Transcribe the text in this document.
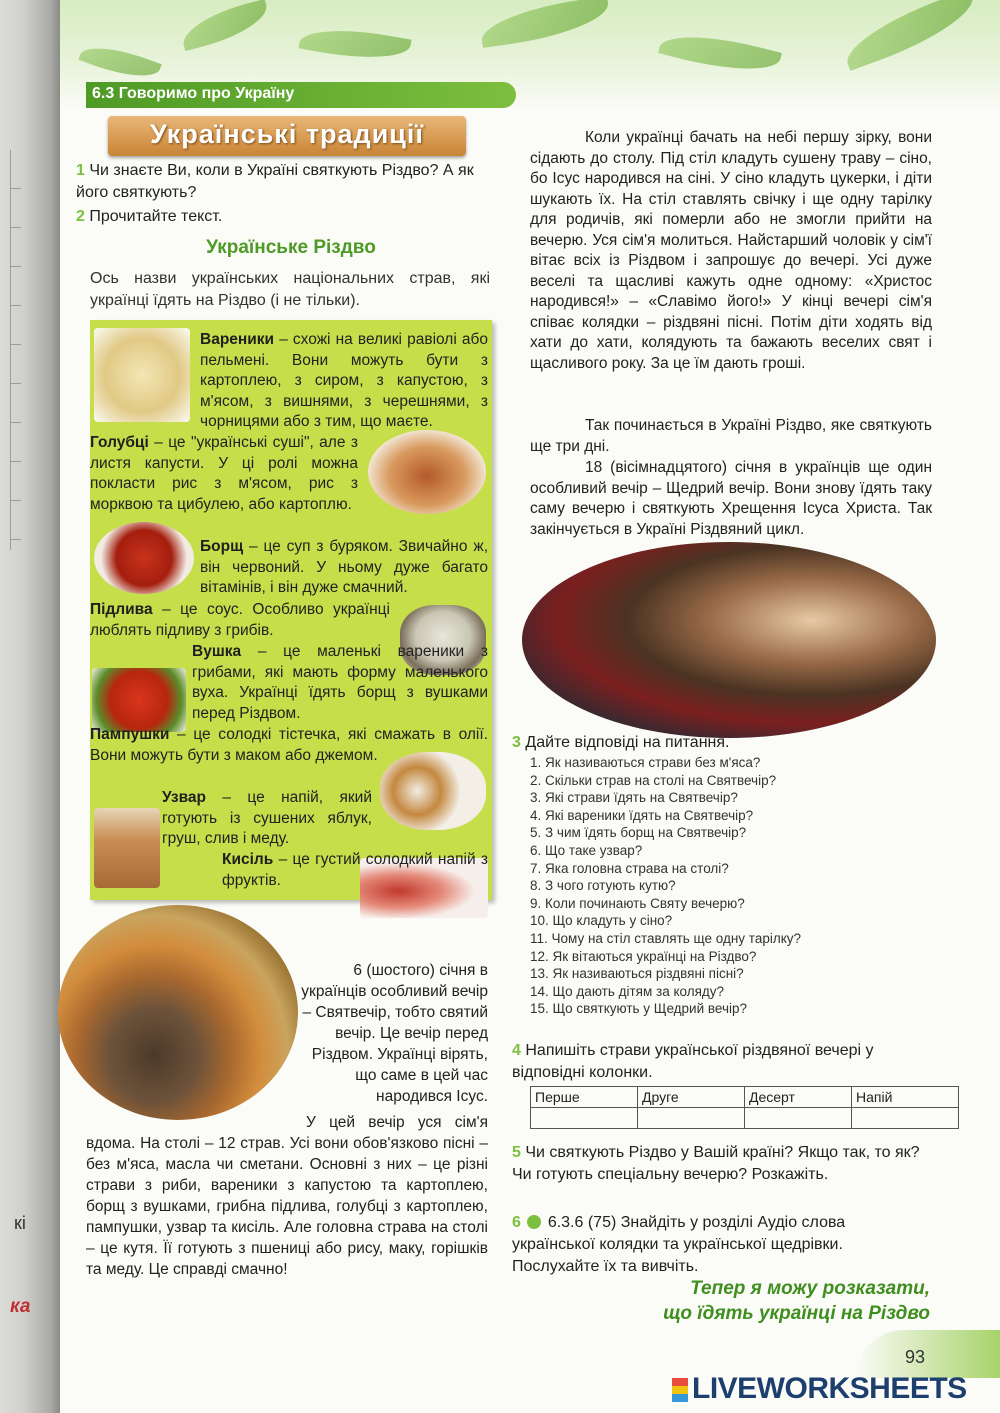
кі
ка
6.3 Говоримо про Україну
Українські традиції
1 Чи знаєте Ви, коли в Україні святкують Різдво? А як його святкують?
2 Прочитайте текст.
Українське Різдво
Ось назви українських національних страв, які українці їдять на Різдво (і не тільки).
Вареники – схожі на великі равіолі або пельмені. Вони можуть бути з картоплею, з сиром, з капустою, з м'ясом, з вишнями, з черешнями, з чорницями або з тим, що маєте.
Голубці – це "українські суші", але з листя капусти. У ці ролі можна покласти рис з м'ясом, рис з морквою та цибулею, або картоплю.
Борщ – це суп з буряком. Звичайно ж, він червоний. У ньому дуже багато вітамінів, і він дуже смачний.
Підлива – це соус. Особливо українці люблять підливу з грибів.
Вушка – це маленькі вареники з грибами, які мають форму маленького вуха. Українці їдять борщ з вушками перед Різдвом.
Пампушки – це солодкі тістечка, які смажать в олії. Вони можуть бути з маком або джемом.
Узвар – це напій, який готують із сушених яблук, груш, слив і меду.
Кисіль – це густий солодкий напій з фруктів.
6 (шостого) січня в українців особливий вечір – Святвечір, тобто святий вечір. Це вечір перед Різдвом. Українці вірять, що саме в цей час народився Ісус.
У цей вечір уся сім'я вдома. На столі – 12 страв. Усі вони обов'язково пісні – без м'яса, масла чи сметани. Основні з них – це різні страви з риби, вареники з капустою та картоплею, борщ з вушками, грибна підлива, голубці з картоплею, пампушки, узвар та кисіль. Але головна страва на столі – це кутя. Її готують з пшениці або рису, маку, горішків та меду. Це справді смачно!
Коли українці бачать на небі першу зірку, вони сідають до столу. Під стіл кладуть сушену траву – сіно, бо Ісус народився на сіні. У сіно кладуть цукерки, і діти шукають їх. На стіл ставлять свічку і ще одну тарілку для родичів, які померли або не змогли прийти на вечерю. Уся сім'я молиться. Найстарший чоловік у сім'ї вітає всіх із Різдвом і запрошує до вечері. Усі дуже веселі та щасливі кажуть одне одному: «Христос народився!» – «Славімо його!» У кінці вечері сім'я співає колядки – різдвяні пісні. Потім діти ходять від хати до хати, колядують та бажають веселих свят і щасливого року. За це їм дають гроші.
Так починається в Україні Різдво, яке святкують ще три дні.
18 (вісімнадцятого) січня в українців ще один особливий вечір – Щедрий вечір. Вони знову їдять таку саму вечерю і святкують Хрещення Ісуса Христа. Так закінчується в Україні Різдвяний цикл.
3 Дайте відповіді на питання.
1. Як називаються страви без м'яса?
2. Скільки страв на столі на Святвечір?
3. Які страви їдять на Святвечір?
4. Які вареники їдять на Святвечір?
5. З чим їдять борщ на Святвечір?
6. Що таке узвар?
7. Яка головна страва на столі?
8. З чого готують кутю?
9. Коли починають Святу вечерю?
10. Що кладуть у сіно?
11. Чому на стіл ставлять ще одну тарілку?
12. Як вітаються українці на Різдво?
13. Як називаються різдвяні пісні?
14. Що дають дітям за коляду?
15. Що святкують у Щедрий вечір?
4 Напишіть страви української різдвяної вечері у відповідні колонки.
Перше	Друге	Десерт	Напій

5 Чи святкують Різдво у Вашій країні? Якщо так, то як? Чи готують спеціальну вечерю? Розкажіть.
6 6.3.6 (75) Знайдіть у розділі Аудіо слова української колядки та української щедрівки. Послухайте їх та вивчіть.
Тепер я можу розказати,
що їдять українці на Різдво
93
LIVEWORKSHEETS
